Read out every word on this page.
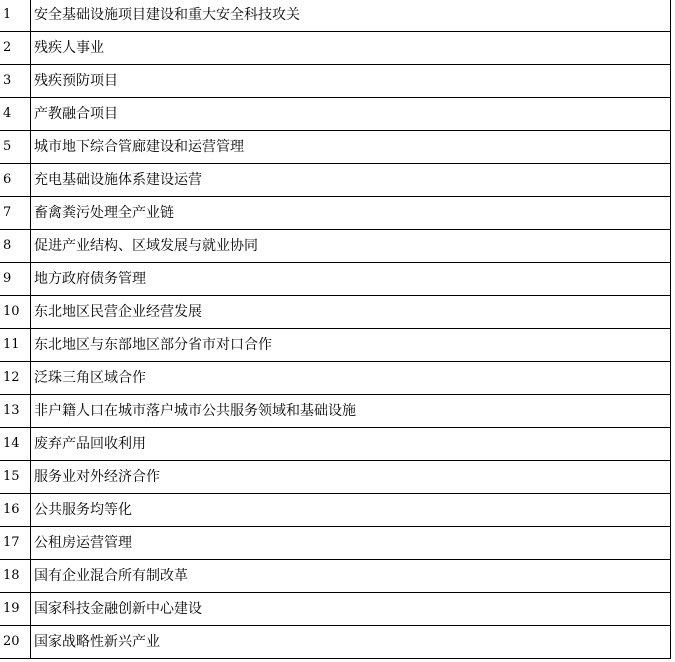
1	安全基础设施项目建设和重大安全科技攻关
2	残疾人事业
3	残疾预防项目
4	产教融合项目
5	城市地下综合管廊建设和运营管理
6	充电基础设施体系建设运营
7	畜禽粪污处理全产业链
8	促进产业结构、区域发展与就业协同
9	地方政府债务管理
10	东北地区民营企业经营发展
11	东北地区与东部地区部分省市对口合作
12	泛珠三角区域合作
13	非户籍人口在城市落户城市公共服务领域和基础设施
14	废弃产品回收利用
15	服务业对外经济合作
16	公共服务均等化
17	公租房运营管理
18	国有企业混合所有制改革
19	国家科技金融创新中心建设
20	国家战略性新兴产业
